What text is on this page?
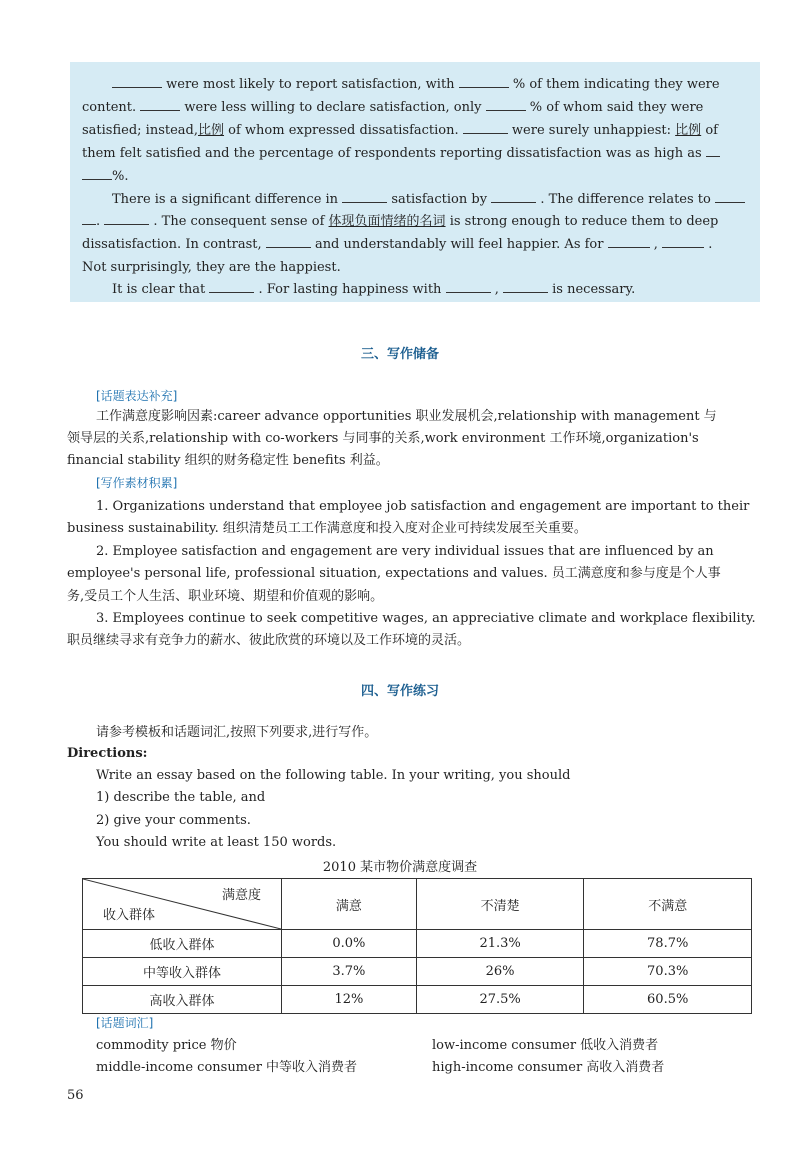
were most likely to report satisfaction, with	% of them indicating they were

content.	were less willing to declare satisfaction, only	% of whom said they were

satisfied; instead,比例 of whom expressed dissatisfaction.	were surely unhappiest: 比例 of

them felt satisfied and the percentage of respondents reporting dissatisfaction was as high as

%.

There is a significant difference in	satisfaction by	. The difference relates to

.	. The consequent sense of 体现负面情绪的名词 is strong enough to reduce them to deep

dissatisfaction. In contrast,	and understandably will feel happier. As for	,	.

Not surprisingly, they are the happiest.

It is clear that	. For lasting happiness with	,	is necessary.

三、写作储备
[话题表达补充]

工作满意度影响因素:career advance opportunities 职业发展机会,relationship with management 与

领导层的关系,relationship with co-workers 与同事的关系,work environment 工作环境,organization's

financial stability 组织的财务稳定性 benefits 利益。

[写作素材积累]

1. Organizations understand that employee job satisfaction and engagement are important to their

business sustainability. 组织清楚员工工作满意度和投入度对企业可持续发展至关重要。

2. Employee satisfaction and engagement are very individual issues that are influenced by an

employee's personal life, professional situation, expectations and values. 员工满意度和参与度是个人事

务,受员工个人生活、职业环境、期望和价值观的影响。

3. Employees continue to seek competitive wages, an appreciative climate and workplace flexibility.

职员继续寻求有竞争力的薪水、彼此欣赏的环境以及工作环境的灵活。

四、写作练习

请参考模板和话题词汇,按照下列要求,进行写作。

Directions:

Write an essay based on the following table. In your writing, you should

1) describe the table, and

2) give your comments.

You should write at least 150 words.

2010 某市物价满意度调查
满意度
收入群体	满意	不清楚	不满意
低收入群体	0.0%	21.3%	78.7%
中等收入群体	3.7%	26%	70.3%
高收入群体	12%	27.5%	60.5%
[话题词汇]

commodity price 物价	low-income consumer 低收入消费者

middle-income consumer 中等收入消费者	high-income consumer 高收入消费者

56
